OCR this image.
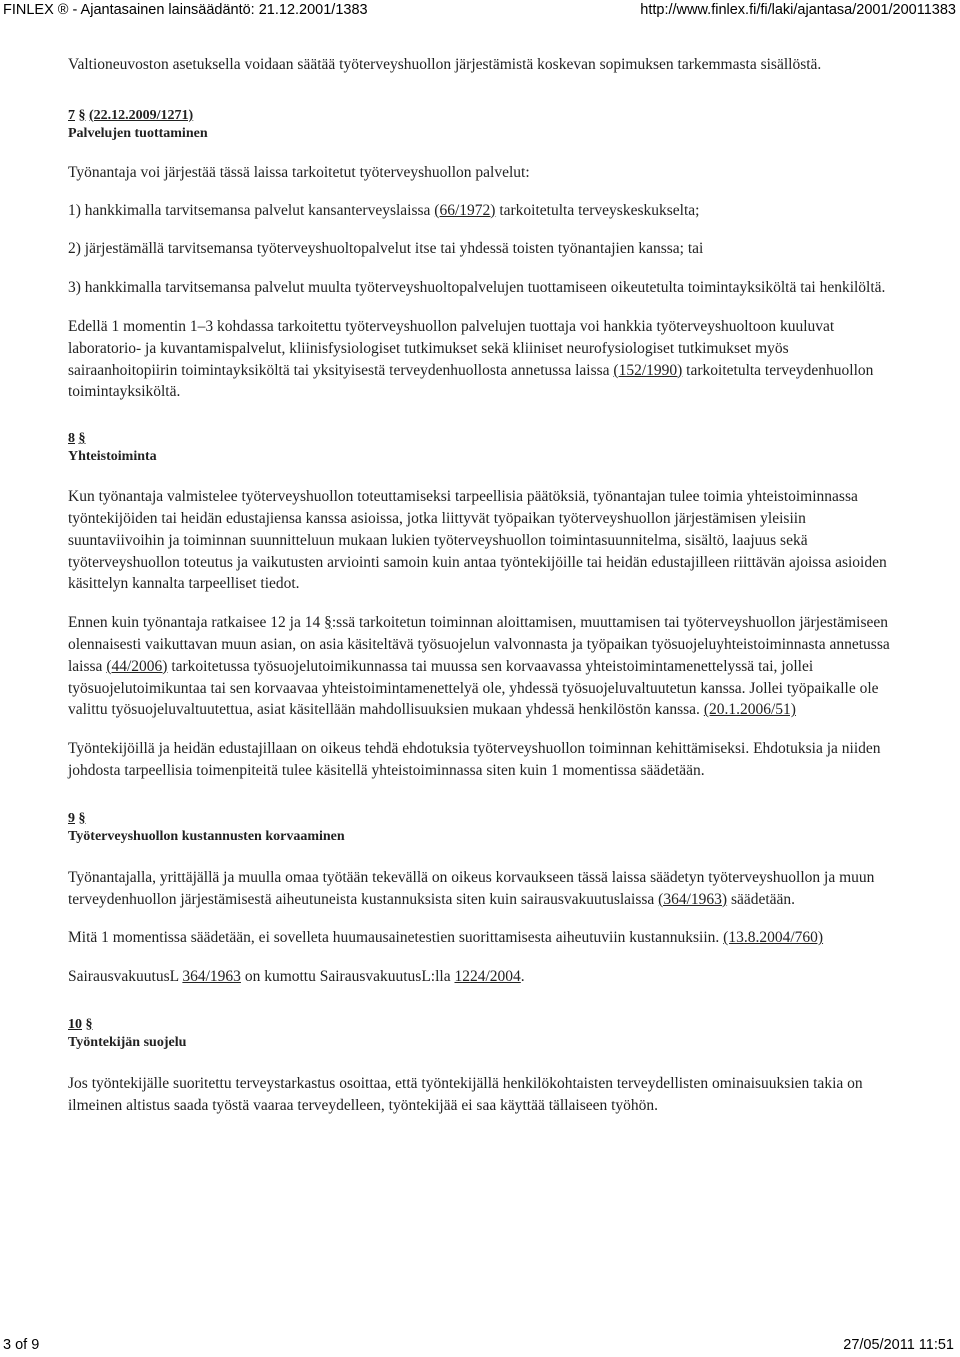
FINLEX ® - Ajantasainen lainsäädäntö: 21.12.2001/1383	http://www.finlex.fi/fi/laki/ajantasa/2001/20011383

Valtioneuvoston asetuksella voidaan säätää työterveyshuollon järjestämistä koskevan sopimuksen tarkemmasta sisällöstä.

7 § (22.12.2009/1271)
Palvelujen tuottaminen

Työnantaja voi järjestää tässä laissa tarkoitetut työterveyshuollon palvelut:

1) hankkimalla tarvitsemansa palvelut kansanterveyslaissa (66/1972) tarkoitetulta terveyskeskukselta;

2) järjestämällä tarvitsemansa työterveyshuoltopalvelut itse tai yhdessä toisten työnantajien kanssa; tai

3) hankkimalla tarvitsemansa palvelut muulta työterveyshuoltopalvelujen tuottamiseen oikeutetulta toimintayksiköltä tai henkilöltä.

Edellä 1 momentin 1–3 kohdassa tarkoitettu työterveyshuollon palvelujen tuottaja voi hankkia työterveyshuoltoon kuuluvat laboratorio- ja kuvantamispalvelut, kliinisfysiologiset tutkimukset sekä kliiniset neurofysiologiset tutkimukset myös sairaanhoitopiirin toimintayksiköltä tai yksityisestä terveydenhuollosta annetussa laissa (152/1990) tarkoitetulta terveydenhuollon toimintayksiköltä.

8 §
Yhteistoiminta

Kun työnantaja valmistelee työterveyshuollon toteuttamiseksi tarpeellisia päätöksiä, työnantajan tulee toimia yhteistoiminnassa työntekijöiden tai heidän edustajiensa kanssa asioissa, jotka liittyvät työpaikan työterveyshuollon järjestämisen yleisiin suuntaviivoihin ja toiminnan suunnitteluun mukaan lukien työterveyshuollon toimintasuunnitelma, sisältö, laajuus sekä työterveyshuollon toteutus ja vaikutusten arviointi samoin kuin antaa työntekijöille tai heidän edustajilleen riittävän ajoissa asioiden käsittelyn kannalta tarpeelliset tiedot.

Ennen kuin työnantaja ratkaisee 12 ja 14 §:ssä tarkoitetun toiminnan aloittamisen, muuttamisen tai työterveyshuollon järjestämiseen olennaisesti vaikuttavan muun asian, on asia käsiteltävä työsuojelun valvonnasta ja työpaikan työsuojeluyhteistoiminnasta annetussa laissa (44/2006) tarkoitetussa työsuojelutoimikunnassa tai muussa sen korvaavassa yhteistoimintamenettelyssä tai, jollei työsuojelutoimikuntaa tai sen korvaavaa yhteistoimintamenettelyä ole, yhdessä työsuojeluvaltuutetun kanssa. Jollei työpaikalle ole valittu työsuojeluvaltuutettua, asiat käsitellään mahdollisuuksien mukaan yhdessä henkilöstön kanssa. (20.1.2006/51)

Työntekijöillä ja heidän edustajillaan on oikeus tehdä ehdotuksia työterveyshuollon toiminnan kehittämiseksi. Ehdotuksia ja niiden johdosta tarpeellisia toimenpiteitä tulee käsitellä yhteistoiminnassa siten kuin 1 momentissa säädetään.

9 §
Työterveyshuollon kustannusten korvaaminen

Työnantajalla, yrittäjällä ja muulla omaa työtään tekevällä on oikeus korvaukseen tässä laissa säädetyn työterveyshuollon ja muun terveydenhuollon järjestämisestä aiheutuneista kustannuksista siten kuin sairausvakuutuslaissa (364/1963) säädetään.

Mitä 1 momentissa säädetään, ei sovelleta huumausainetestien suorittamisesta aiheutuviin kustannuksiin. (13.8.2004/760)

SairausvakuutusL 364/1963 on kumottu SairausvakuutusL:lla 1224/2004.

10 §
Työntekijän suojelu

Jos työntekijälle suoritettu terveystarkastus osoittaa, että työntekijällä henkilökohtaisten terveydellisten ominaisuuksien takia on ilmeinen altistus saada työstä vaaraa terveydelleen, työntekijää ei saa käyttää tällaiseen työhön.

3 of 9	27/05/2011 11:51
